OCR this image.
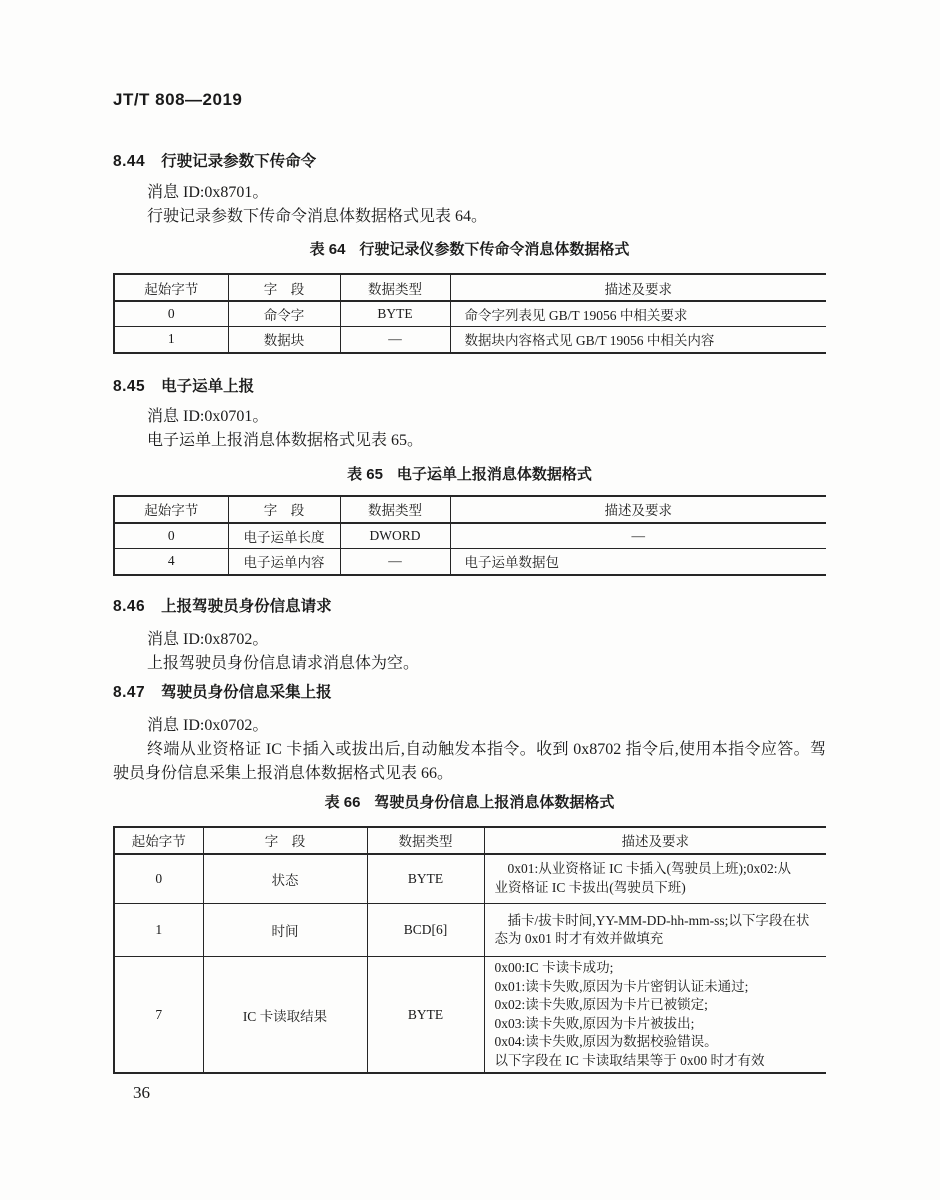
JT/T 808—2019
8.44 行驶记录参数下传命令

消息 ID:0x8701。

行驶记录参数下传命令消息体数据格式见表 64。

表 64 行驶记录仪参数下传命令消息体数据格式
起始字节	字　段	数据类型	描述及要求
0	命令字	BYTE	命令字列表见 GB/T 19056 中相关要求
1	数据块	—	数据块内容格式见 GB/T 19056 中相关内容
8.45 电子运单上报

消息 ID:0x0701。

电子运单上报消息体数据格式见表 65。

表 65 电子运单上报消息体数据格式
起始字节	字　段	数据类型	描述及要求
0	电子运单长度	DWORD	—
4	电子运单内容	—	电子运单数据包
8.46 上报驾驶员身份信息请求

消息 ID:0x8702。

上报驾驶员身份信息请求消息体为空。

8.47 驾驶员身份信息采集上报

消息 ID:0x0702。

终端从业资格证 IC 卡插入或拔出后,自动触发本指令。收到 0x8702 指令后,使用本指令应答。驾驶员身份信息采集上报消息体数据格式见表 66。

表 66 驾驶员身份信息上报消息体数据格式
起始字节	字　段	数据类型	描述及要求
0	状态	BYTE	0x01:从业资格证 IC 卡插入(驾驶员上班);0x02:从
业资格证 IC 卡拔出(驾驶员下班)

1	时间	BCD[6]	插卡/拔卡时间,YY-MM-DD-hh-mm-ss;以下字段在状
态为 0x01 时才有效并做填充

7	IC 卡读取结果	BYTE	
0x00:IC 卡读卡成功;
0x01:读卡失败,原因为卡片密钥认证未通过;
0x02:读卡失败,原因为卡片已被锁定;
0x03:读卡失败,原因为卡片被拔出;
0x04:读卡失败,原因为数据校验错误。
以下字段在 IC 卡读取结果等于 0x00 时才有效
36
